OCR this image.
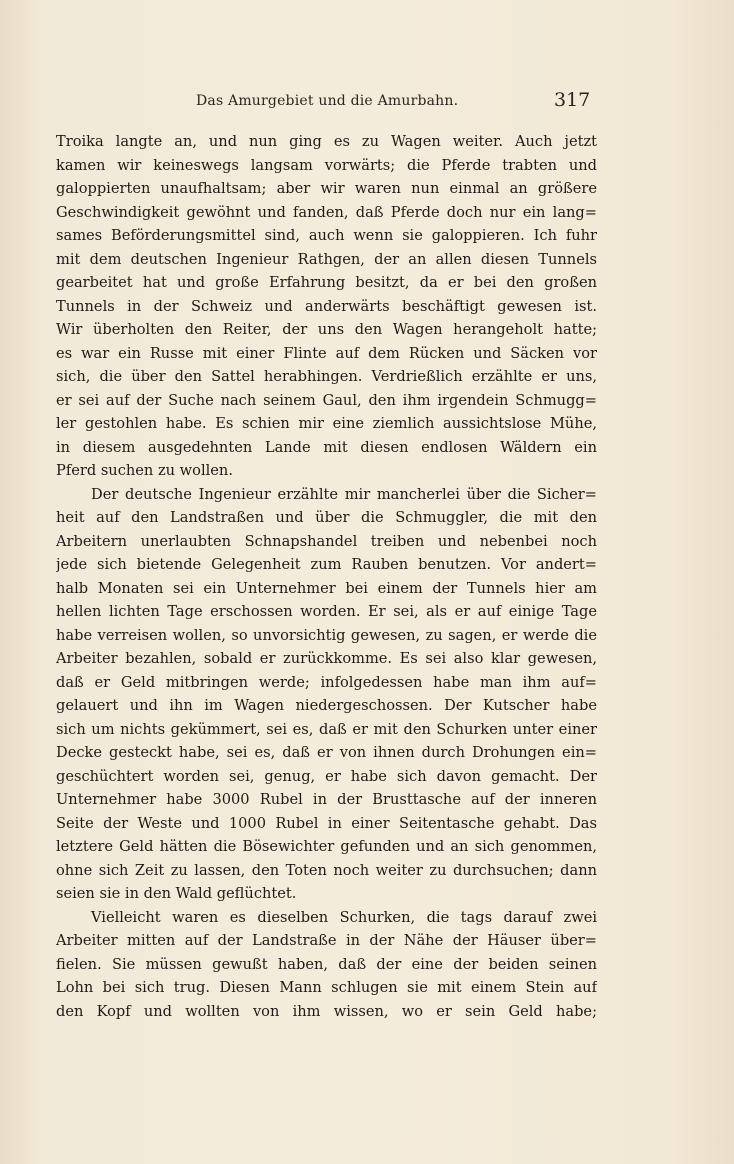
Das Amurgebiet und die Amurbahn.	317
Troika langte an, und nun ging es zu Wagen weiter. Auch jetzt
kamen wir keineswegs langsam vorwärts; die Pferde trabten und
galoppierten unaufhaltsam; aber wir waren nun einmal an größere
Geschwindigkeit gewöhnt und fanden, daß Pferde doch nur ein lang=
sames Beförderungsmittel sind, auch wenn sie galoppieren. Ich fuhr
mit dem deutschen Ingenieur Rathgen, der an allen diesen Tunnels
gearbeitet hat und große Erfahrung besitzt, da er bei den großen
Tunnels in der Schweiz und anderwärts beschäftigt gewesen ist.
Wir überholten den Reiter, der uns den Wagen herangeholt hatte;
es war ein Russe mit einer Flinte auf dem Rücken und Säcken vor
sich, die über den Sattel herabhingen. Verdrießlich erzählte er uns,
er sei auf der Suche nach seinem Gaul, den ihm irgendein Schmugg=
ler gestohlen habe. Es schien mir eine ziemlich aussichtslose Mühe,
in diesem ausgedehnten Lande mit diesen endlosen Wäldern ein
Pferd suchen zu wollen.
Der deutsche Ingenieur erzählte mir mancherlei über die Sicher=
heit auf den Landstraßen und über die Schmuggler, die mit den
Arbeitern unerlaubten Schnapshandel treiben und nebenbei noch
jede sich bietende Gelegenheit zum Rauben benutzen. Vor andert=
halb Monaten sei ein Unternehmer bei einem der Tunnels hier am
hellen lichten Tage erschossen worden. Er sei, als er auf einige Tage
habe verreisen wollen, so unvorsichtig gewesen, zu sagen, er werde die
Arbeiter bezahlen, sobald er zurückkomme. Es sei also klar gewesen,
daß er Geld mitbringen werde; infolgedessen habe man ihm auf=
gelauert und ihn im Wagen niedergeschossen. Der Kutscher habe
sich um nichts gekümmert, sei es, daß er mit den Schurken unter einer
Decke gesteckt habe, sei es, daß er von ihnen durch Drohungen ein=
geschüchtert worden sei, genug, er habe sich davon gemacht. Der
Unternehmer habe 3000 Rubel in der Brusttasche auf der inneren
Seite der Weste und 1000 Rubel in einer Seitentasche gehabt. Das
letztere Geld hätten die Bösewichter gefunden und an sich genommen,
ohne sich Zeit zu lassen, den Toten noch weiter zu durchsuchen; dann
seien sie in den Wald geflüchtet.
Vielleicht waren es dieselben Schurken, die tags darauf zwei
Arbeiter mitten auf der Landstraße in der Nähe der Häuser über=
fielen. Sie müssen gewußt haben, daß der eine der beiden seinen
Lohn bei sich trug. Diesen Mann schlugen sie mit einem Stein auf
den Kopf und wollten von ihm wissen, wo er sein Geld habe;
